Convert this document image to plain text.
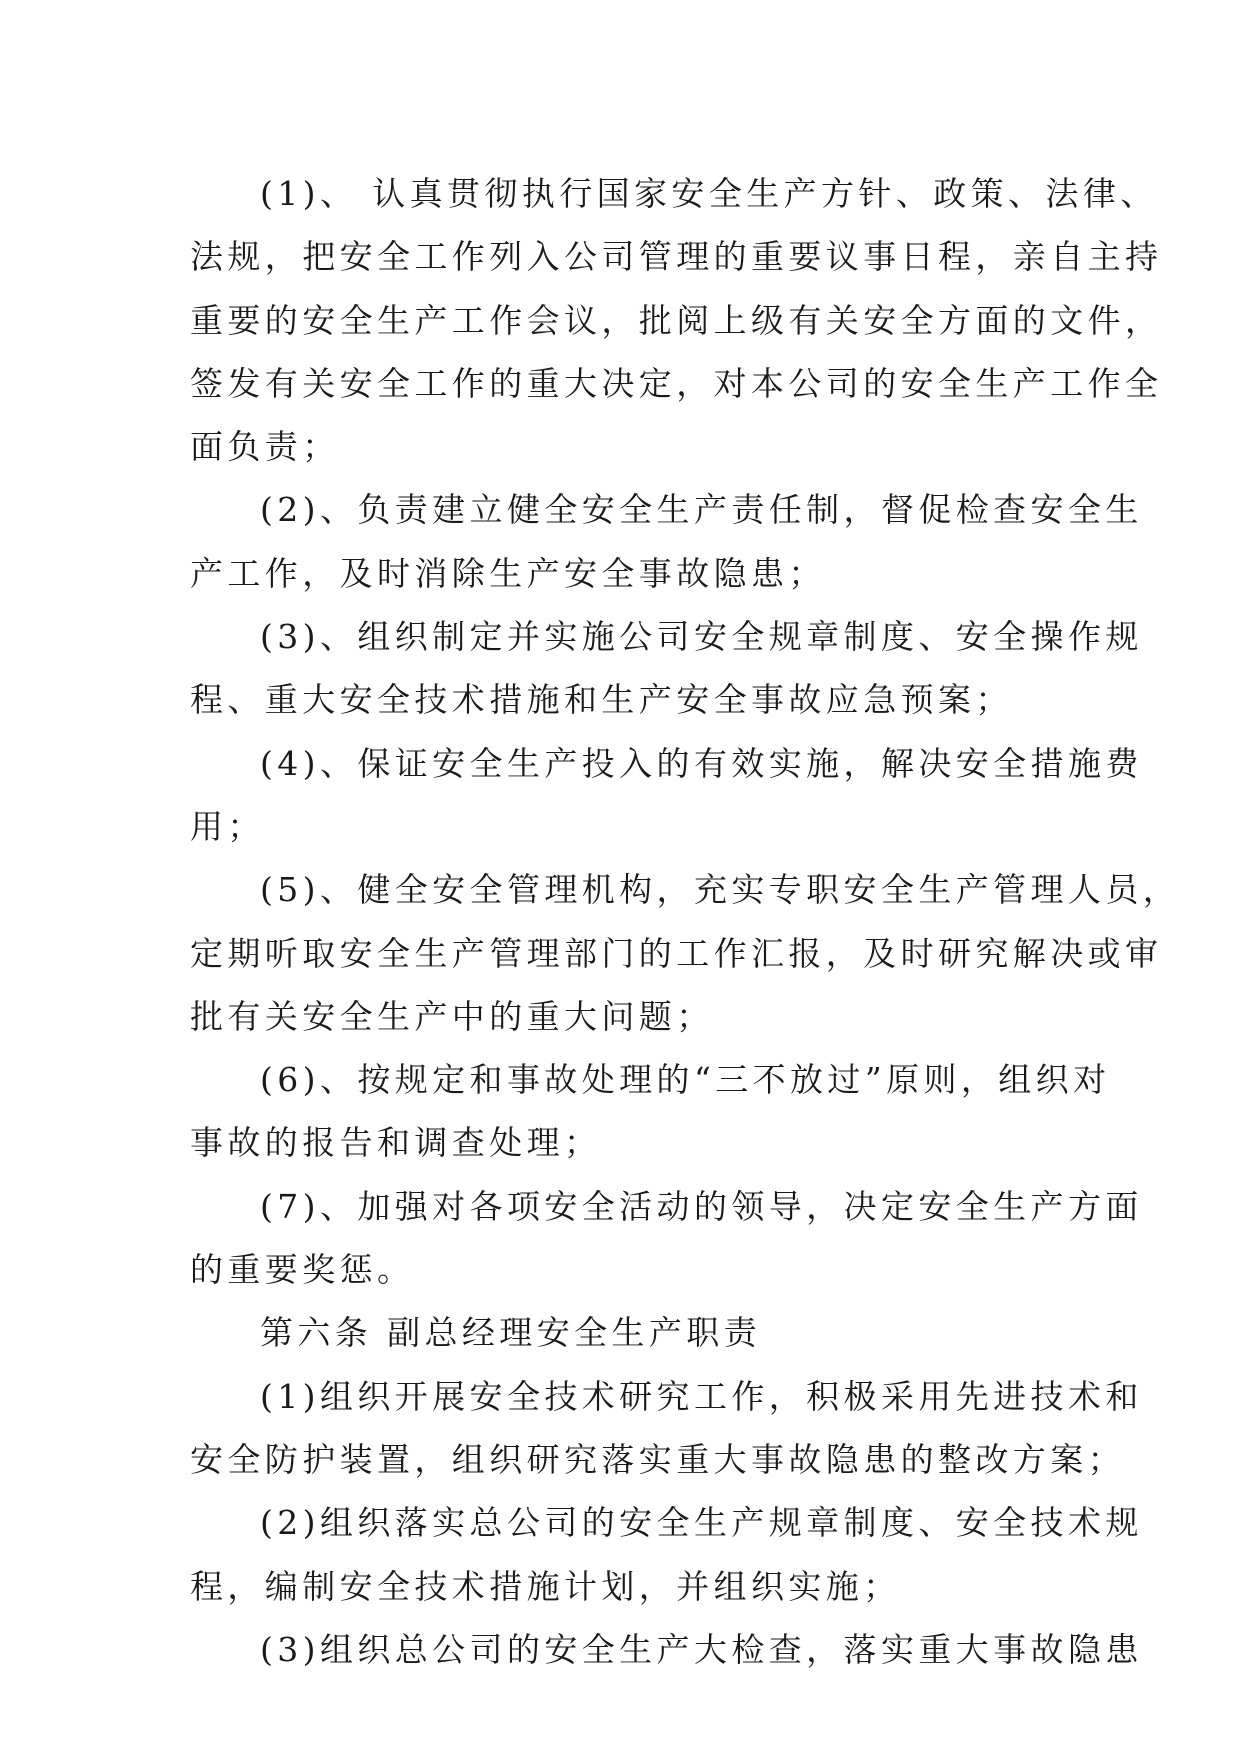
(1)、 认真贯彻执行国家安全生产方针、政策、法律、
法规，把安全工作列入公司管理的重要议事日程，亲自主持
重要的安全生产工作会议，批阅上级有关安全方面的文件，
签发有关安全工作的重大决定，对本公司的安全生产工作全
面负责；
(2)、负责建立健全安全生产责任制，督促检查安全生
产工作，及时消除生产安全事故隐患；
(3)、组织制定并实施公司安全规章制度、安全操作规
程、重大安全技术措施和生产安全事故应急预案；
(4)、保证安全生产投入的有效实施，解决安全措施费
用；
(5)、健全安全管理机构，充实专职安全生产管理人员，
定期听取安全生产管理部门的工作汇报，及时研究解决或审
批有关安全生产中的重大问题；
(6)、按规定和事故处理的“三不放过”原则，组织对
事故的报告和调查处理；
(7)、加强对各项安全活动的领导，决定安全生产方面
的重要奖惩。
第六条 副总经理安全生产职责
(1)组织开展安全技术研究工作，积极采用先进技术和
安全防护装置，组织研究落实重大事故隐患的整改方案；
(2)组织落实总公司的安全生产规章制度、安全技术规
程，编制安全技术措施计划，并组织实施；
(3)组织总公司的安全生产大检查，落实重大事故隐患
